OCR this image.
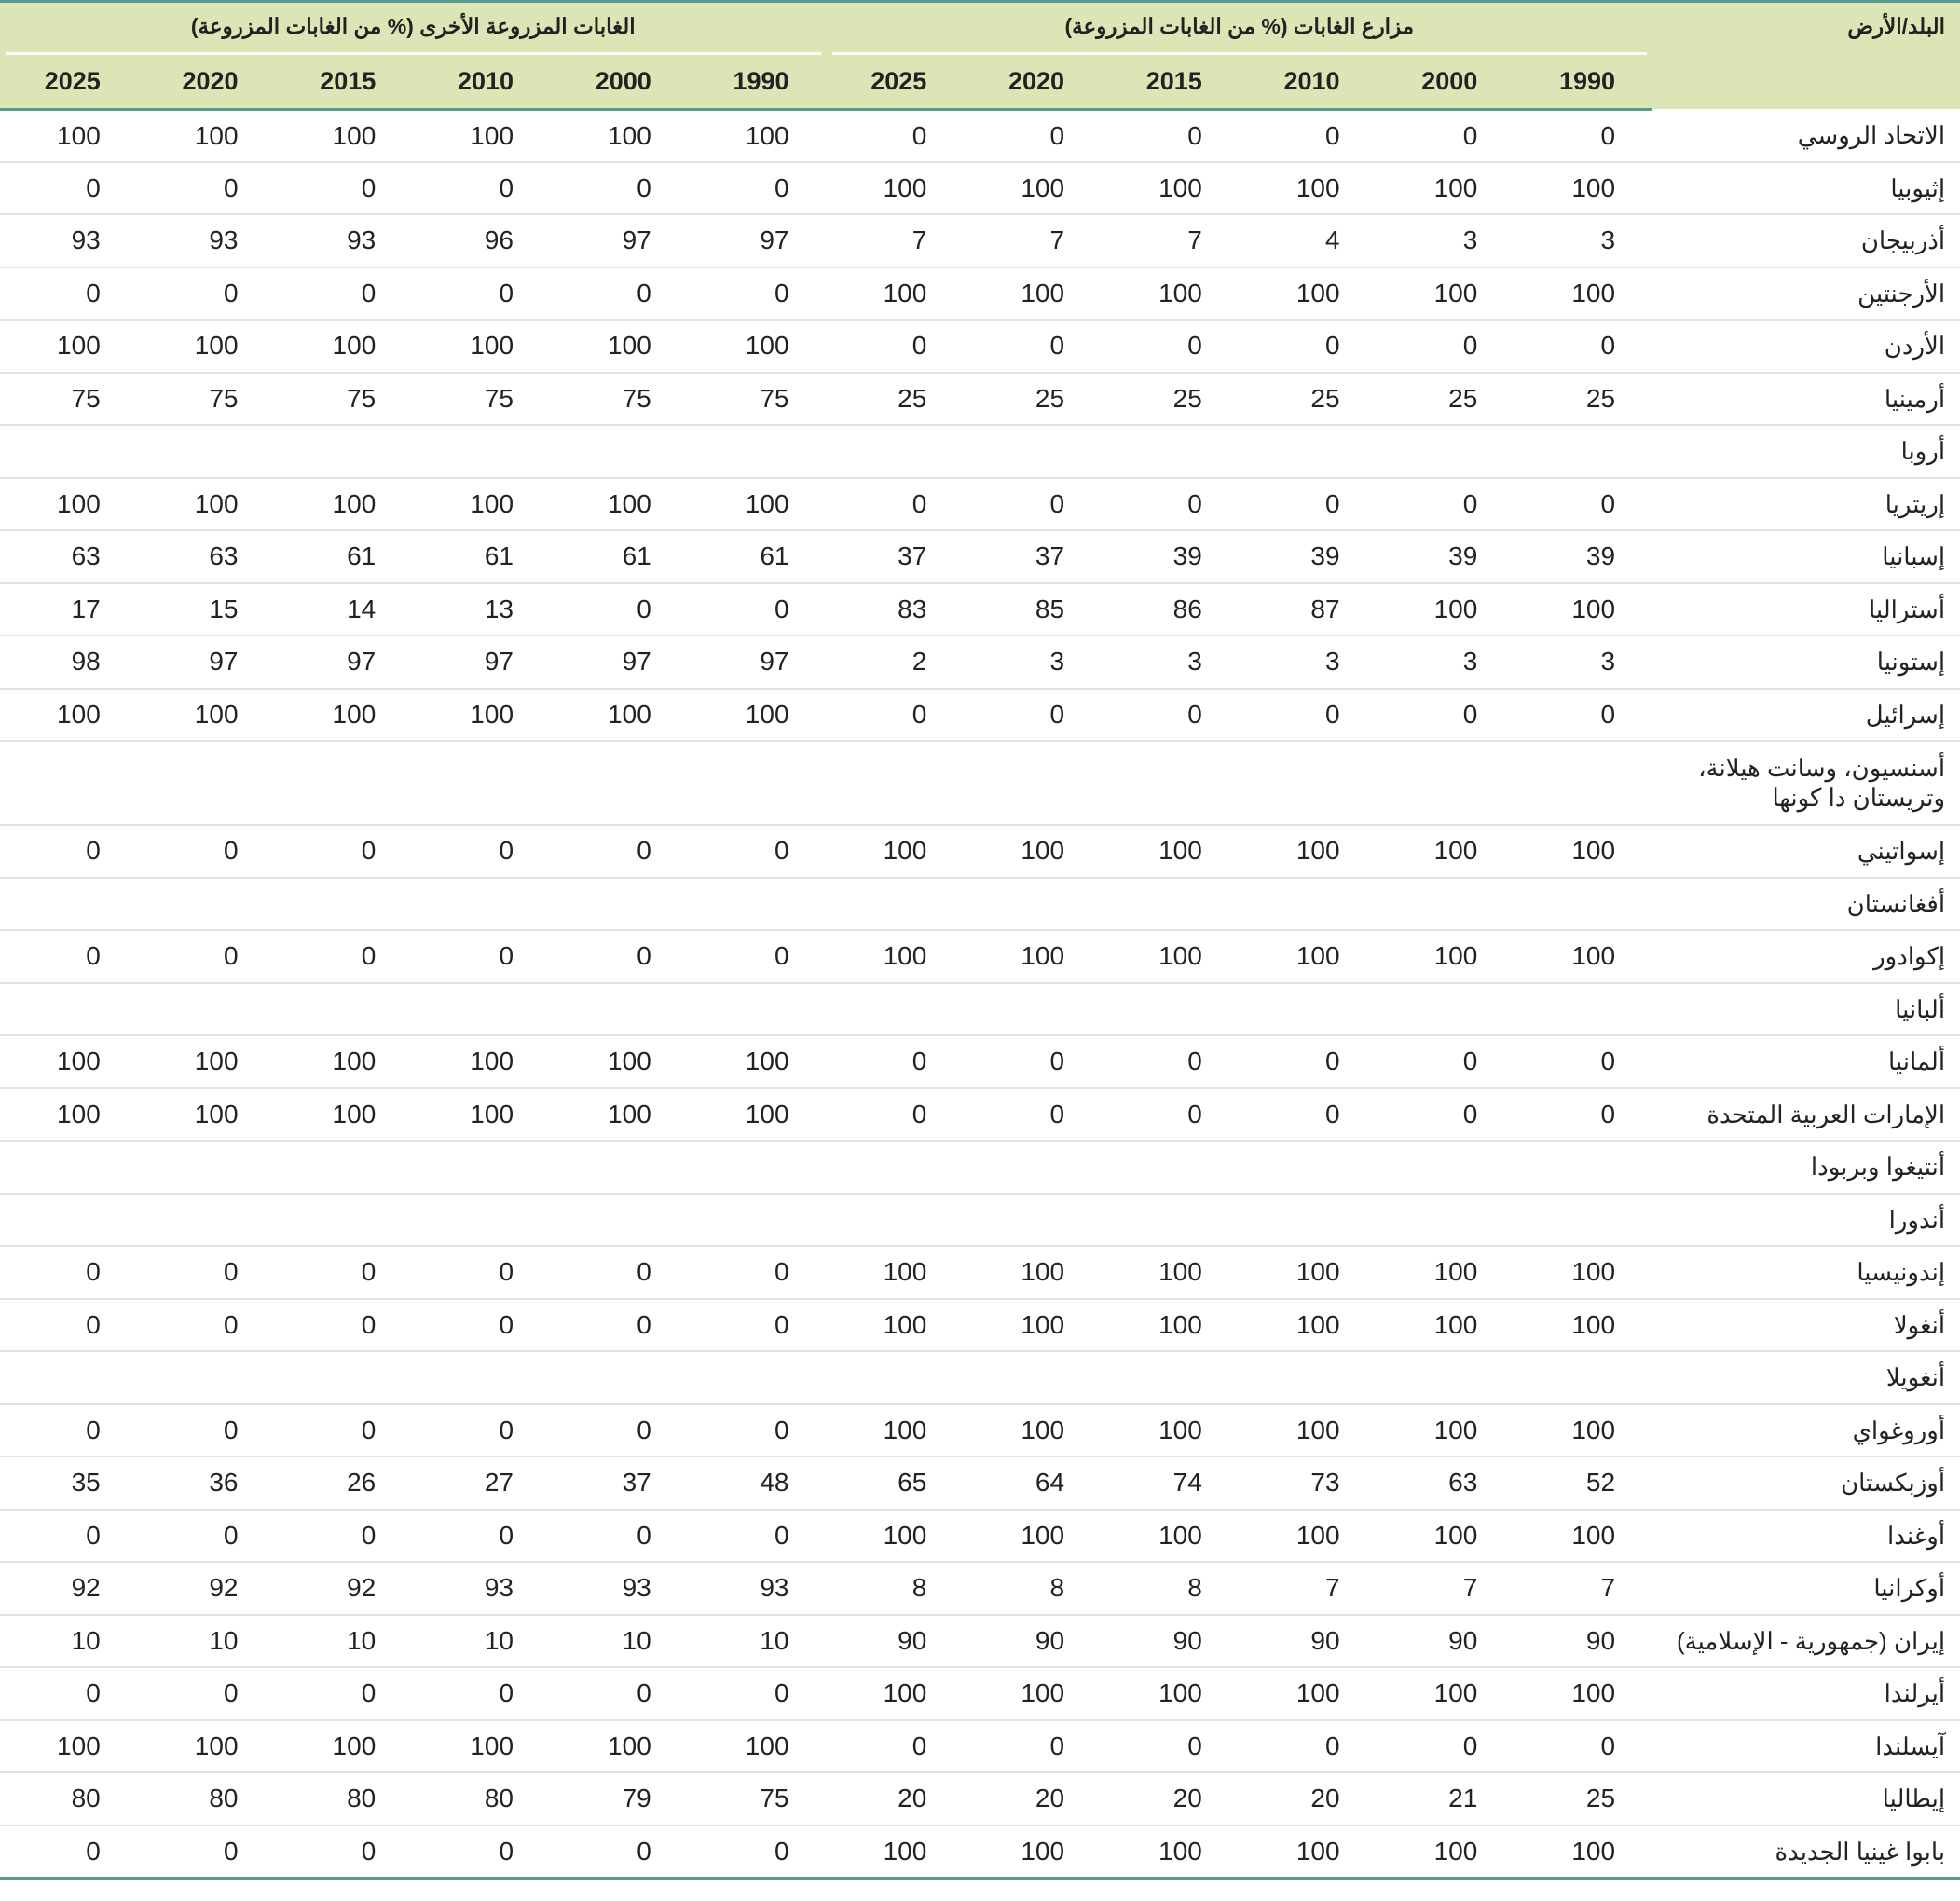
البلد/الأرض	مزارع الغابات (% من الغابات المزروعة)						الغابات المزروعة الأخرى (% من الغابات المزروعة)					

	1990	2000	2010	2015	2020	2025	1990	2000	2010	2015	2020	2025
الاتحاد الروسي	0	0	0	0	0	0	100	100	100	100	100	100
إثيوبيا	100	100	100	100	100	100	0	0	0	0	0	0
أذربيجان	3	3	4	7	7	7	97	97	96	93	93	93
الأرجنتين	100	100	100	100	100	100	0	0	0	0	0	0
الأردن	0	0	0	0	0	0	100	100	100	100	100	100
أرمينيا	25	25	25	25	25	25	75	75	75	75	75	75
أروبا												
إريتريا	0	0	0	0	0	0	100	100	100	100	100	100
إسبانيا	39	39	39	39	37	37	61	61	61	61	63	63
أستراليا	100	100	87	86	85	83	0	0	13	14	15	17
إستونيا	3	3	3	3	3	2	97	97	97	97	97	98
إسرائيل	0	0	0	0	0	0	100	100	100	100	100	100
أسنسيون، وسانت هيلانة، وتريستان دا كونها												
إسواتيني	100	100	100	100	100	100	0	0	0	0	0	0
أفغانستان												
إكوادور	100	100	100	100	100	100	0	0	0	0	0	0
ألبانيا												
ألمانيا	0	0	0	0	0	0	100	100	100	100	100	100
الإمارات العربية المتحدة	0	0	0	0	0	0	100	100	100	100	100	100
أنتيغوا وبربودا												
أندورا												
إندونيسيا	100	100	100	100	100	100	0	0	0	0	0	0
أنغولا	100	100	100	100	100	100	0	0	0	0	0	0
أنغويلا												
أوروغواي	100	100	100	100	100	100	0	0	0	0	0	0
أوزبكستان	52	63	73	74	64	65	48	37	27	26	36	35
أوغندا	100	100	100	100	100	100	0	0	0	0	0	0
أوكرانيا	7	7	7	8	8	8	93	93	93	92	92	92
إيران (جمهورية - الإسلامية)	90	90	90	90	90	90	10	10	10	10	10	10
أيرلندا	100	100	100	100	100	100	0	0	0	0	0	0
آيسلندا	0	0	0	0	0	0	100	100	100	100	100	100
إيطاليا	25	21	20	20	20	20	75	79	80	80	80	80
بابوا غينيا الجديدة	100	100	100	100	100	100	0	0	0	0	0	0
